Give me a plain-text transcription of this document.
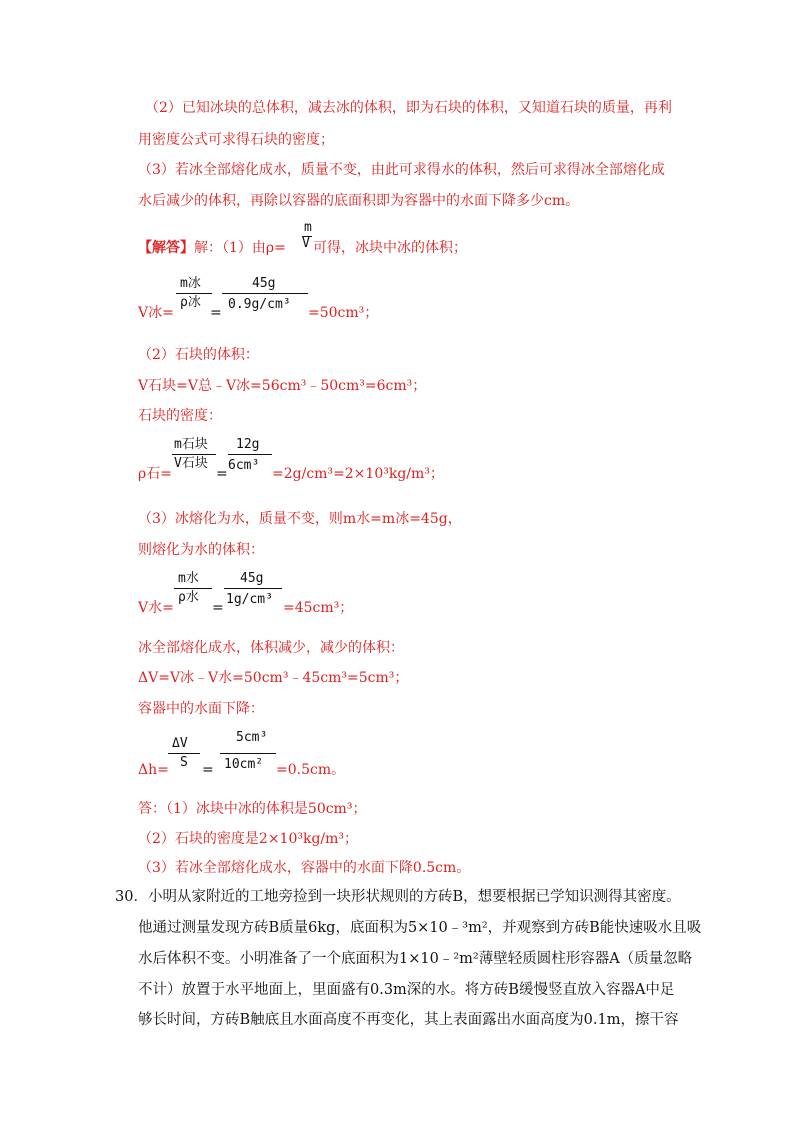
（2）已知冰块的总体积，减去冰的体积，即为石块的体积，又知道石块的质量，再利
用密度公式可求得石块的密度；
（3）若冰全部熔化成水，质量不变，由此可求得水的体积，然后可求得冰全部熔化成
水后减少的体积，再除以容器的底面积即为容器中的水面下降多少cm。
【解答】解：（1）由ρ=
m
V 可得，冰块中冰的体积；
m冰
ρ冰
45g
0.9g/cm³
V冰=	=	=50cm³；
（2）石块的体积：
V石块=V总﹣V冰=56cm³﹣50cm³=6cm³；
石块的密度：
m石块
V石块
12g
6cm³
ρ石=	=	=2g/cm³=2×10³kg/m³；
（3）冰熔化为水，质量不变，则m水=m冰=45g，
则熔化为水的体积：
m水
ρ水
45g
1g/cm³
V水=	=	=45cm³；
冰全部熔化成水，体积减少，减少的体积：
ΔV=V冰﹣V水=50cm³﹣45cm³=5cm³；
容器中的水面下降：
ΔV
S
5cm³
10cm²
Δh= =	=0.5cm。
答：（1）冰块中冰的体积是50cm³；
（2）石块的密度是2×10³kg/m³；
（3）若冰全部熔化成水，容器中的水面下降0.5cm。
30．小明从家附近的工地旁捡到一块形状规则的方砖B，想要根据已学知识测得其密度。
他通过测量发现方砖B质量6kg，底面积为5×10﹣³m²，并观察到方砖B能快速吸水且吸
水后体积不变。小明准备了一个底面积为1×10﹣²m²薄壁轻质圆柱形容器A（质量忽略
不计）放置于水平地面上，里面盛有0.3m深的水。将方砖B缓慢竖直放入容器A中足
够长时间，方砖B触底且水面高度不再变化，其上表面露出水面高度为0.1m，擦干容
